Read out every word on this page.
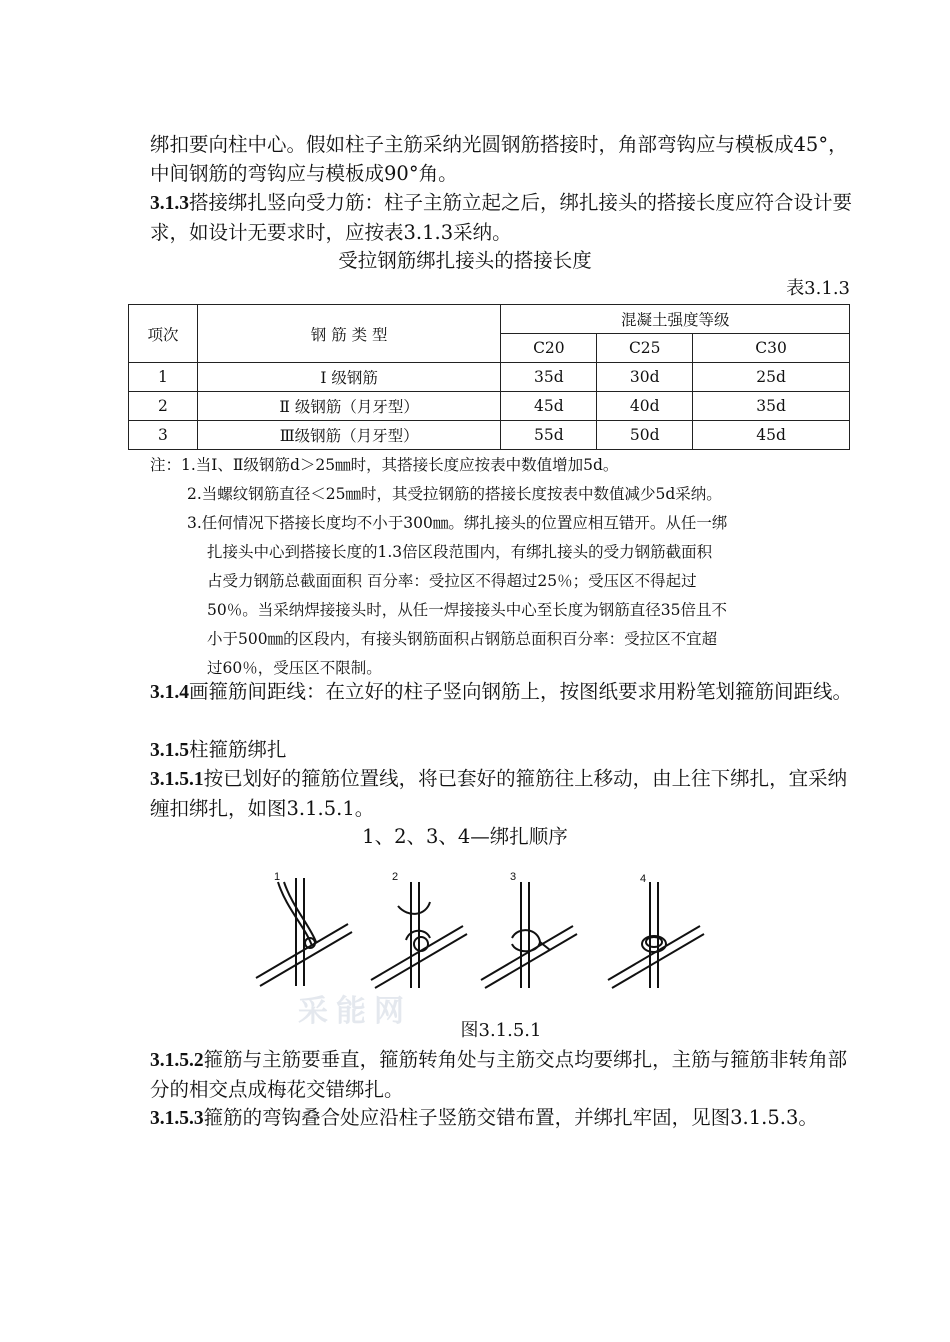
绑扣要向柱中心。假如柱子主筋采纳光圆钢筋搭接时，角部弯钩应与模板成45°，中间钢筋的弯钩应与模板成90°角。
3.1.3搭接绑扎竖向受力筋：柱子主筋立起之后，绑扎接头的搭接长度应符合设计要求，如设计无要求时，应按表3.1.3采纳。
受拉钢筋绑扎接头的搭接长度
表3.1.3
项次	钢 筋 类 型	混凝土强度等级		
		C20	C25	C30
1	Ⅰ 级钢筋	35d	30d	25d
2	Ⅱ 级钢筋（月牙型）	45d	40d	35d
3	Ⅲ级钢筋（月牙型）	55d	50d	45d
注：1.当Ⅰ、Ⅱ级钢筋d＞25㎜时，其搭接长度应按表中数值增加5d。
2.当螺纹钢筋直径＜25㎜时，其受拉钢筋的搭接长度按表中数值减少5d采纳。
3.任何情况下搭接长度均不小于300㎜。绑扎接头的位置应相互错开。从任一绑
扎接头中心到搭接长度的1.3倍区段范围内，有绑扎接头的受力钢筋截面积
占受力钢筋总截面面积 百分率：受拉区不得超过25％；受压区不得起过
50％。当采纳焊接接头时，从任一焊接接头中心至长度为钢筋直径35倍且不
小于500㎜的区段内，有接头钢筋面积占钢筋总面积百分率：受拉区不宜超
过60％，受压区不限制。
3.1.4画箍筋间距线：在立好的柱子竖向钢筋上，按图纸要求用粉笔划箍筋间距线。
3.1.5柱箍筋绑扎
3.1.5.1按已划好的箍筋位置线，将已套好的箍筋往上移动，由上往下绑扎，宜采纳缠扣绑扎，如图3.1.5.1。
1、2、3、4—绑扎顺序
采能网
1	2	3	4
图3.1.5.1
3.1.5.2箍筋与主筋要垂直，箍筋转角处与主筋交点均要绑扎，主筋与箍筋非转角部分的相交点成梅花交错绑扎。
3.1.5.3箍筋的弯钩叠合处应沿柱子竖筋交错布置，并绑扎牢固，见图3.1.5.3。
